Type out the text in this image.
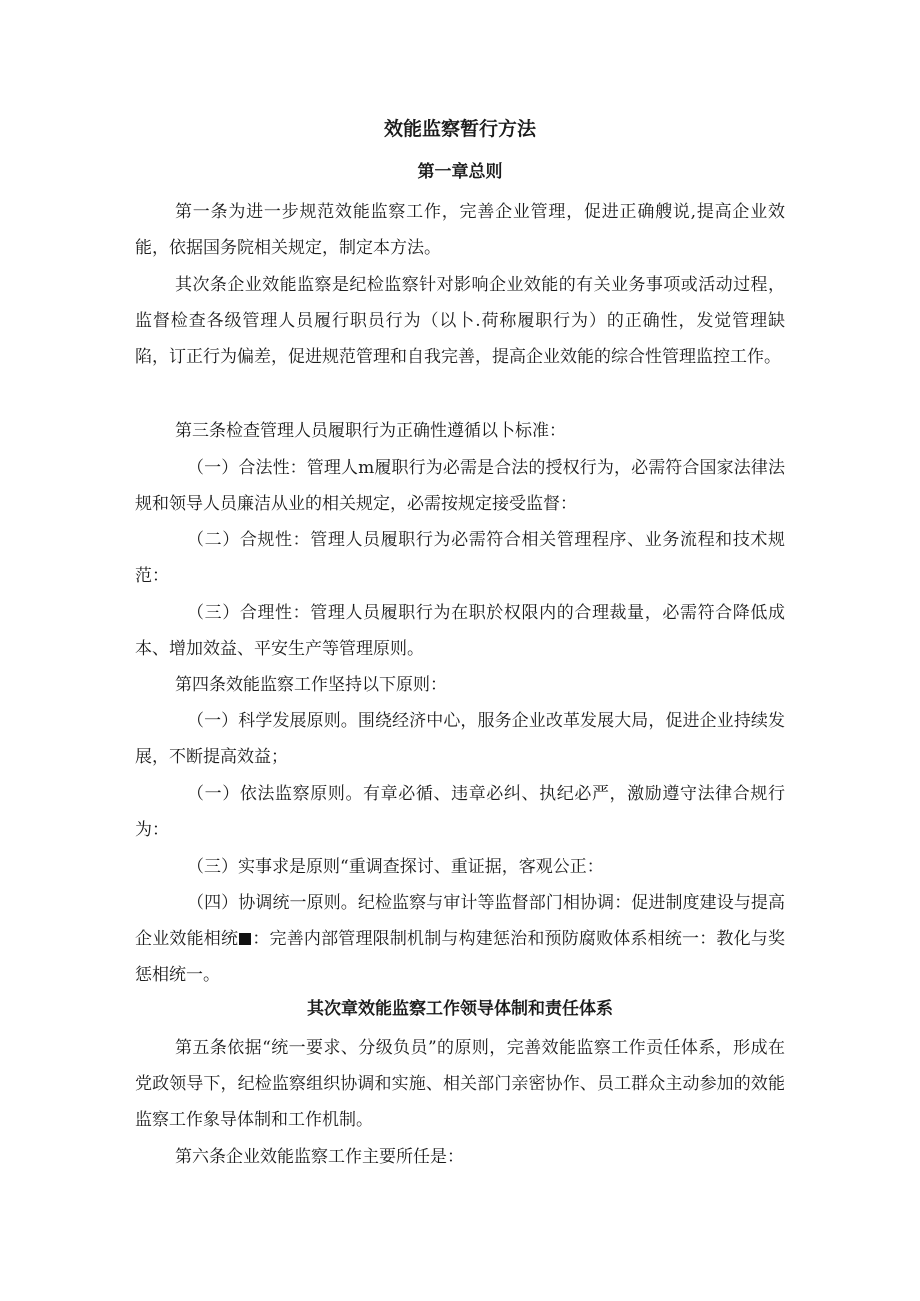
效能监察暂行方法
第一章总则

第一条为进一步规范效能监察工作，完善企业管理，促进正确艘说,提高企业效能，依据国务院相关规定，制定本方法。

其次条企业效能监察是纪检监察针对影响企业效能的有关业务事项或活动过程，监督检查各级管理人员履行职员行为（以卜.荷称履职行为）的正确性，发觉管理缺陷，订正行为偏差，促进规范管理和自我完善，提高企业效能的综合性管理监控工作。

第三条检查管理人员履职行为正确性遵循以卜标准：

（一）合法性：管理人m履职行为必需是合法的授权行为，必需符合国家法律法规和领导人员廉洁从业的相关规定，必需按规定接受监督：

（二）合规性：管理人员履职行为必需符合相关管理程序、业务流程和技术规范：

（三）合理性：管理人员履职行为在职於权限内的合理裁量，必需符合降低成本、增加效益、平安生产等管理原则。

第四条效能监察工作坚持以下原则：

（一）科学发展原则。围绕经济中心，服务企业改革发展大局，促进企业持续发展，不断提高效益；

（一）依法监察原则。有章必循、违章必纠、执纪必严，激励遵守法律合规行为：

（三）实事求是原则“重调查探讨、重证据，客观公正：

（四）协调统一原则。纪检监察与审计等监督部门相协调：促进制度建设与提高企业效能相统 ：完善内部管理限制机制与构建惩治和预防腐败体系相统一：教化与奖惩相统一。

其次章效能监察工作领导体制和责任体系

第五条依据“统一要求、分级负员”的原则，完善效能监察工作贡任体系，形成在党政领导下，纪检监察组织协调和实施、相关部门亲密协作、员工群众主动参加的效能监察工作象导体制和工作机制。

第六条企业效能监察工作主要所任是：
